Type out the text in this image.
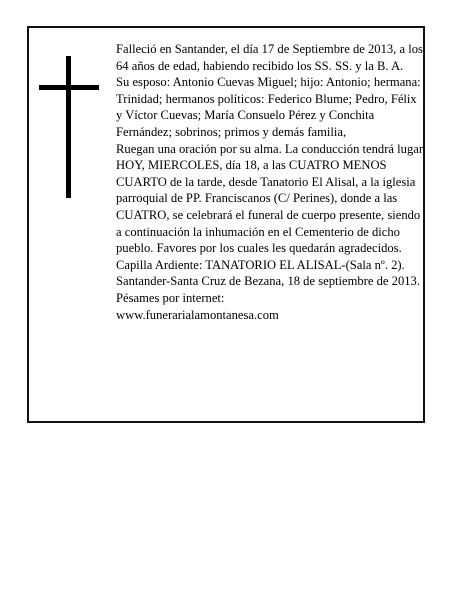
Falleció en Santander, el día 17 de Septiembre de 2013, a los 64 años de edad, habiendo recibido los SS. SS. y la B. A.

Su esposo: Antonio Cuevas Miguel; hijo: Antonio; hermana: Trinidad; hermanos políticos: Federico Blume; Pedro, Félix y Víctor Cuevas; María Consuelo Pérez y Conchita Fernández; sobrinos; primos y demás familia,

Ruegan una oración por su alma. La conducción tendrá lugar HOY, MIERCOLES, día 18, a las CUATRO MENOS CUARTO de la tarde, desde Tanatorio El Alisal, a la iglesia parroquial de PP. Franciscanos (C/ Perines), donde a las CUATRO, se celebrará el funeral de cuerpo presente, siendo a continuación la inhumación en el Cementerio de dicho pueblo. Favores por los cuales les quedarán agradecidos. Capilla Ardiente: TANATORIO EL ALISAL-(Sala nº. 2).

Santander-Santa Cruz de Bezana, 18 de septiembre de 2013. Pésames por internet:

www.funerarialamontanesa.com
